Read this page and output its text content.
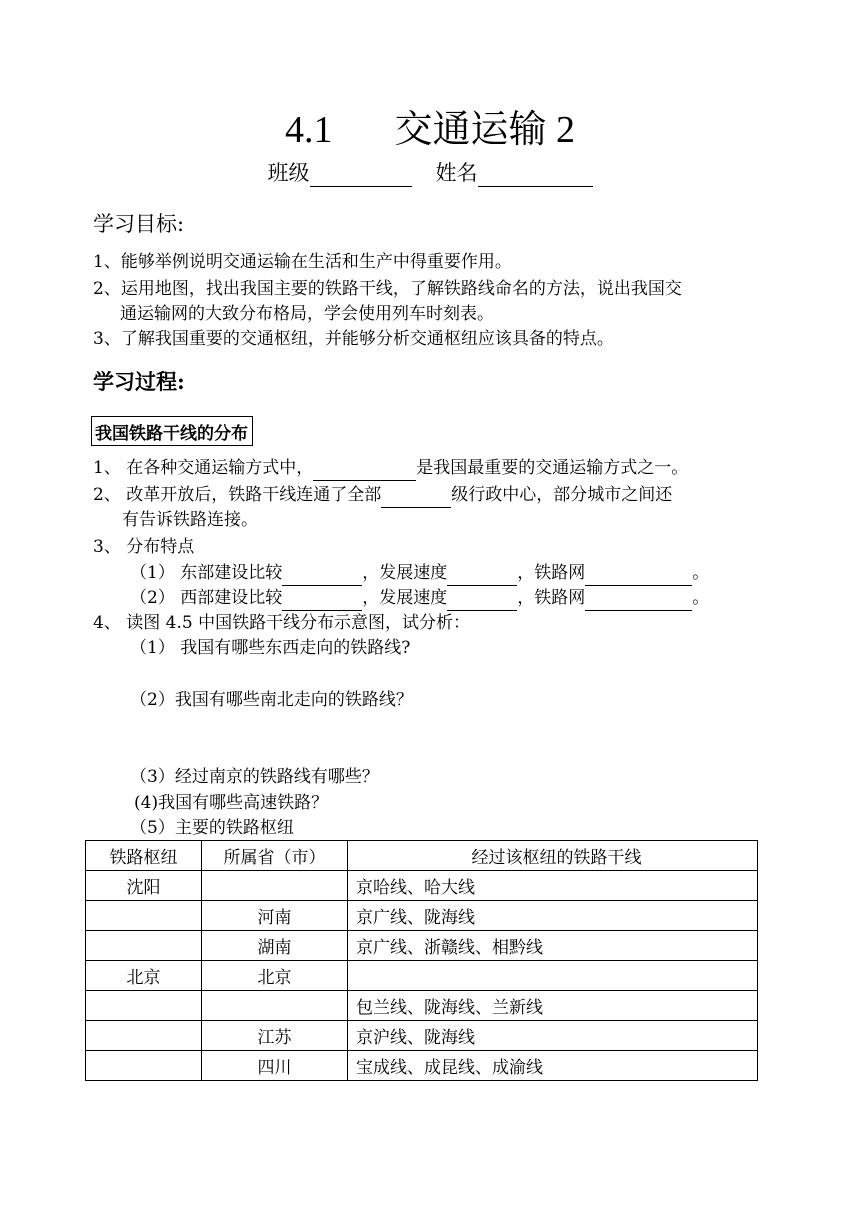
4.1 交通运输 2
班级	姓名
学习目标:
1、能够举例说明交通运输在生活和生产中得重要作用。
2、运用地图，找出我国主要的铁路干线，了解铁路线命名的方法，说出我国交
通运输网的大致分布格局，学会使用列车时刻表。
3、了解我国重要的交通枢纽，并能够分析交通枢纽应该具备的特点。
学习过程:
我国铁路干线的分布
1、 在各种交通运输方式中，	是我国最重要的交通运输方式之一。
2、 改革开放后，铁路干线连通了全部	级行政中心，部分城市之间还
有告诉铁路连接。
3、 分布特点
（1） 东部建设比较	，发展速度	，铁路网	。
（2） 西部建设比较	，发展速度	，铁路网	。
4、 读图 4.5 中国铁路干线分布示意图，试分析：
（1） 我国有哪些东西走向的铁路线?
（2）我国有哪些南北走向的铁路线？
（3）经过南京的铁路线有哪些？
(4)我国有哪些高速铁路？
（5）主要的铁路枢纽
铁路枢纽	所属省（市）	经过该枢纽的铁路干线
沈阳		京哈线、哈大线
	河南	京广线、陇海线
	湖南	京广线、浙赣线、相黔线
北京	北京	
		包兰线、陇海线、兰新线
	江苏	京沪线、陇海线
	四川	宝成线、成昆线、成渝线
